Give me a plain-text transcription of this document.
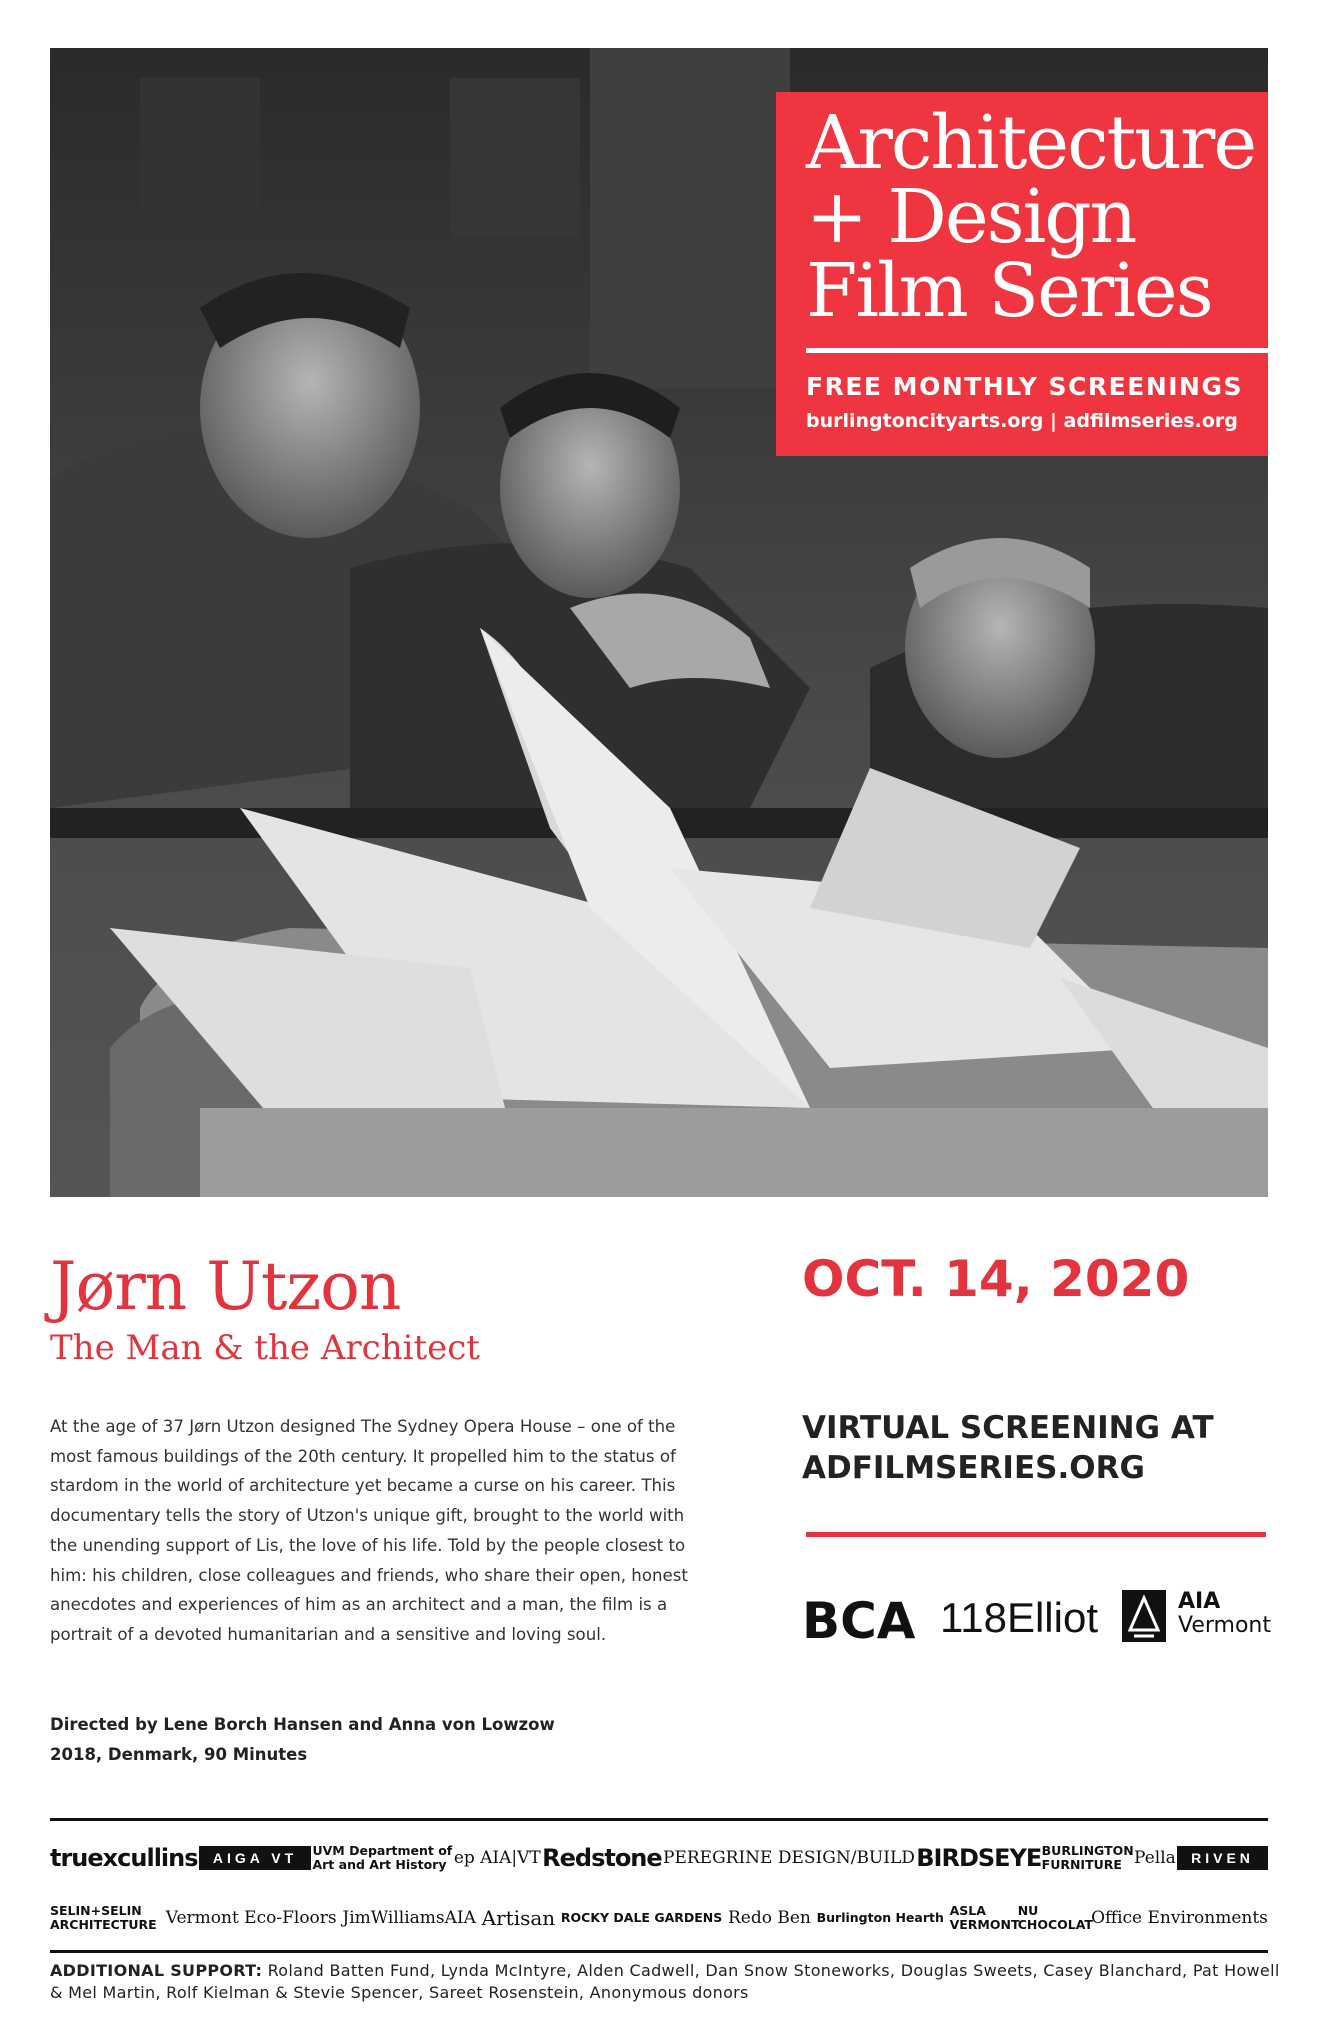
Architecture
+ Design
Film Series
FREE MONTHLY SCREENINGS
burlingtoncityarts.org | adfilmseries.org
Jørn Utzon
The Man & the Architect
At the age of 37 Jørn Utzon designed The Sydney Opera House – one of the most famous buildings of the 20th century. It propelled him to the status of stardom in the world of architecture yet became a curse on his career. This documentary tells the story of Utzon's unique gift, brought to the world with the unending support of Lis, the love of his life. Told by the people closest to him: his children, close colleagues and friends, who share their open, honest anecdotes and experiences of him as an architect and a man, the film is a portrait of a devoted humanitarian and a sensitive and loving soul.
Directed by Lene Borch Hansen and Anna von Lowzow
2018, Denmark, 90 Minutes
OCT. 14, 2020
VIRTUAL SCREENING AT
ADFILMSERIES.ORG
BCA 118Elliot	AIA
Vermont
truexcullins	AIGA VT	UVM Department of Art and Art History ep AIA|VT Redstone PEREGRINE DESIGN/BUILD BIRDSEYE BURLINGTON FURNITURE Pella	RIVEN
SELIN+SELIN ARCHITECTURE Vermont Eco-Floors JimWilliamsAIA Artisan ROCKY DALE GARDENS Redo Ben Burlington Hearth ASLA VERMONT
NU CHOCOLAT
Office Environments
ADDITIONAL SUPPORT: Roland Batten Fund, Lynda McIntyre, Alden Cadwell, Dan Snow Stoneworks, Douglas Sweets, Casey Blanchard, Pat Howell & Mel Martin, Rolf Kielman & Stevie Spencer, Sareet Rosenstein, Anonymous donors
